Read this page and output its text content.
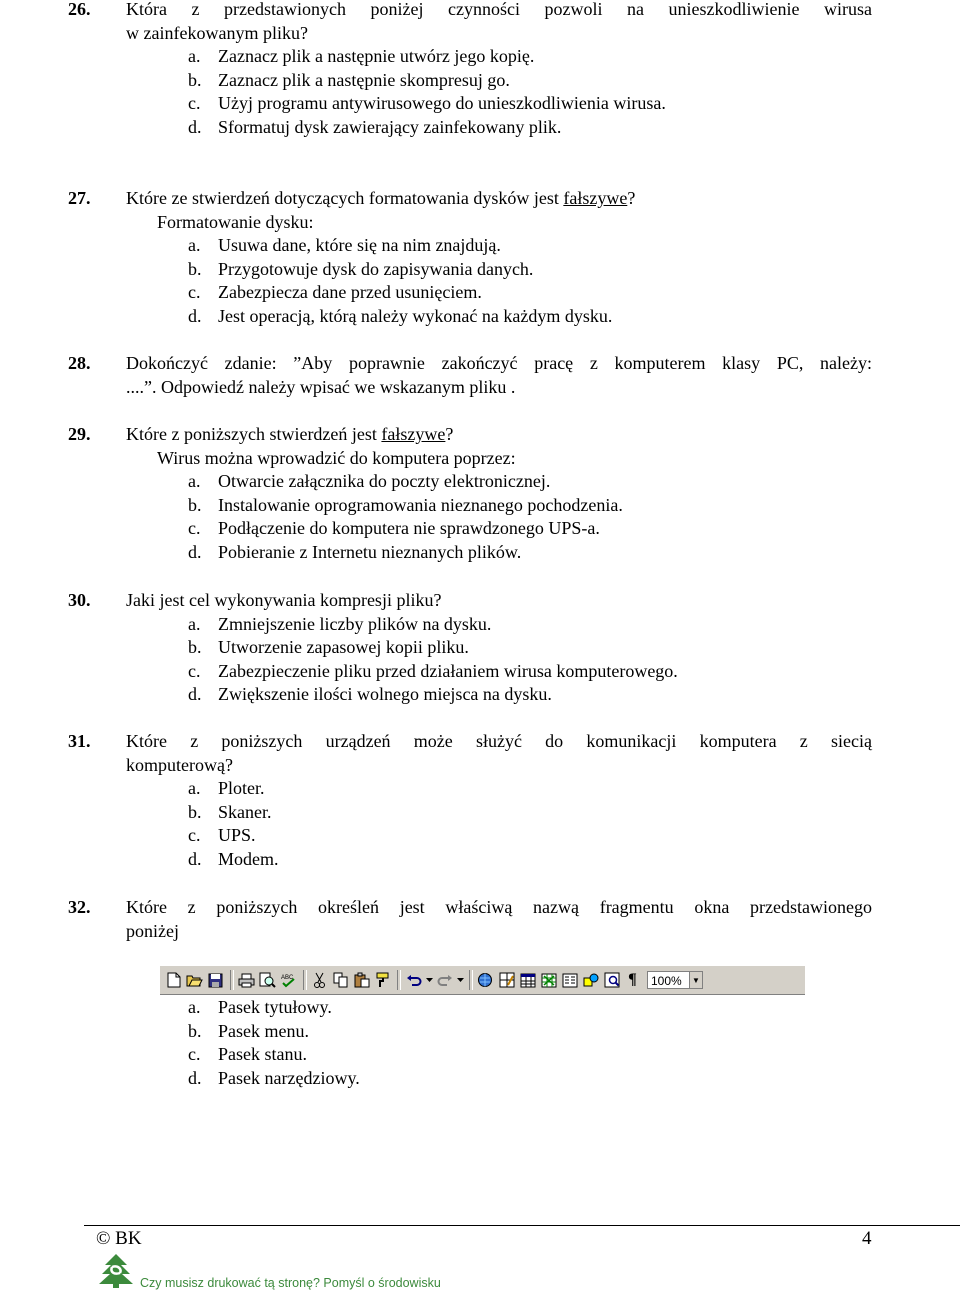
26. Która z przedstawionych poniżej czynności pozwoli na unieszkodliwienie wirusa
w zainfekowanym pliku?
a. Zaznacz plik a następnie utwórz jego kopię.
b. Zaznacz plik a następnie skompresuj go.
c. Użyj programu antywirusowego do unieszkodliwienia wirusa.
d. Sformatuj dysk zawierający zainfekowany plik.
27. Które ze stwierdzeń dotyczących formatowania dysków jest fałszywe?
Formatowanie dysku:
a. Usuwa dane, które się na nim znajdują.
b. Przygotowuje dysk do zapisywania danych.
c. Zabezpiecza dane przed usunięciem.
d. Jest operacją, którą należy wykonać na każdym dysku.
28. Dokończyć zdanie: ”Aby poprawnie zakończyć pracę z komputerem klasy PC, należy:
....”. Odpowiedź należy wpisać we wskazanym pliku .
29. Które z poniższych stwierdzeń jest fałszywe?
Wirus można wprowadzić do komputera poprzez:
a. Otwarcie załącznika do poczty elektronicznej.
b. Instalowanie oprogramowania nieznanego pochodzenia.
c. Podłączenie do komputera nie sprawdzonego UPS-a.
d. Pobieranie z Internetu nieznanych plików.
30. Jaki jest cel wykonywania kompresji pliku?
a. Zmniejszenie liczby plików na dysku.
b. Utworzenie zapasowej kopii pliku.
c. Zabezpieczenie pliku przed działaniem wirusa komputerowego.
d. Zwiększenie ilości wolnego miejsca na dysku.
31. Które z poniższych urządzeń może służyć do komunikacji komputera z siecią
komputerową?
a. Ploter.
b. Skaner.
c. UPS.
d. Modem.
32. Które z poniższych określeń jest właściwą nazwą fragmentu okna przedstawionego
poniżej
a. Pasek tytułowy.
b. Pasek menu.
c. Pasek stanu.
d. Pasek narzędziowy.
ABC	¶	100%	▼
© BK	4
Czy musisz drukować tą stronę? Pomyśl o środowisku
